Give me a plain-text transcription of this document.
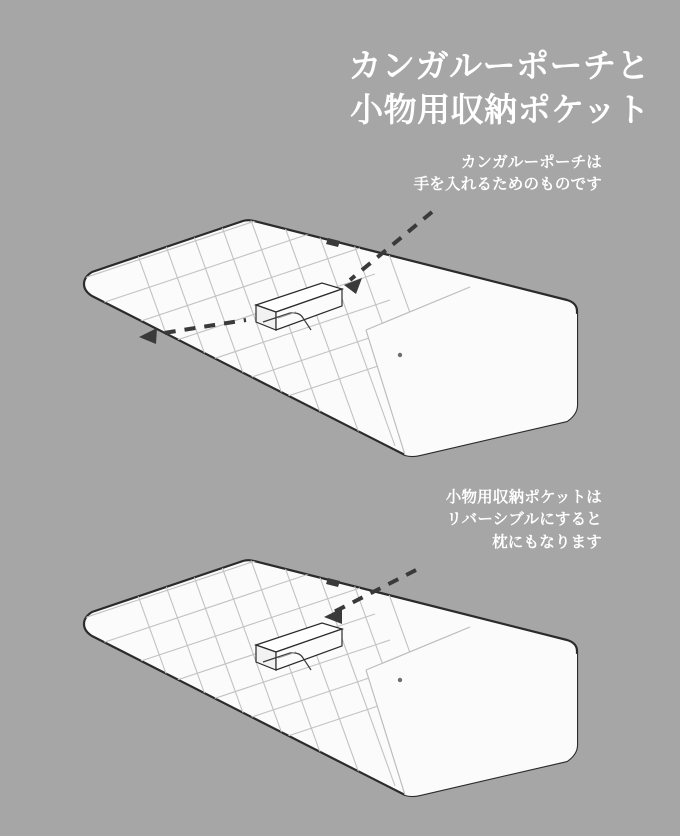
カンガルーポーチと
小物用収納ポケット
カンガルーポーチは
手を入れるためのものです
小物用収納ポケットは
リバーシブルにすると
枕にもなります
